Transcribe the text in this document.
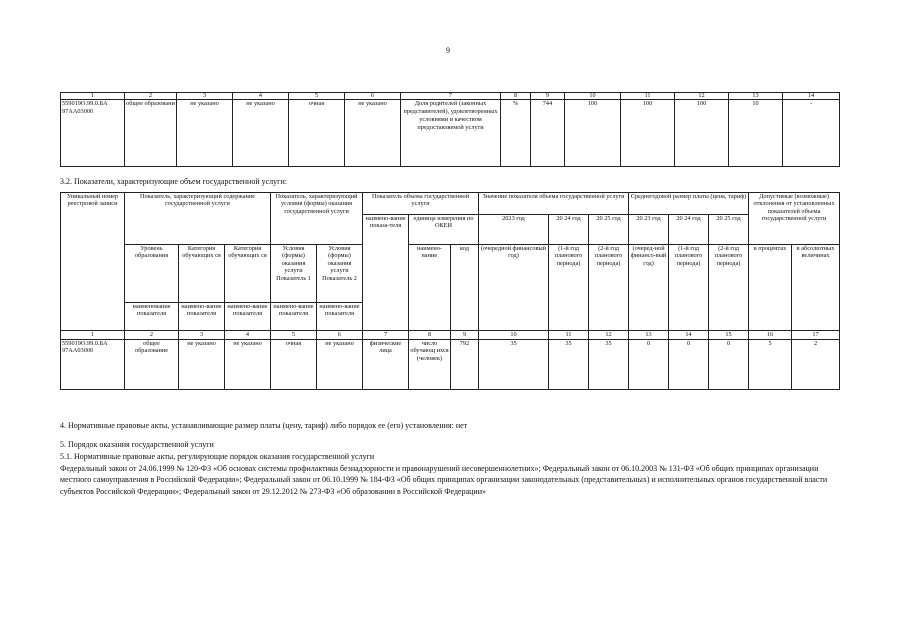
9
1	2	3	4	5	6	7	8	9	10	11	12	13	14
559019О.99.0.БА 97АА03000	общее образовани	не указано	не указано	очная	не указано	Доля родителей (законных представителей), удовлетворенных условиями и качеством предоставляемой услуги	%	744	100	100	100	10	-
3.2. Показатели, характеризующие объем государственной услуги:
Уникальный номер реестровой записи	Показатель, характеризующий содержание государственной услуги			Показатель, характеризующий условия (формы) оказания государственной услуги		Показатель объема государственной услуги			Значение показателя объема государственной услуги			Среднегодовой размер платы (цена, тариф)			Допустимые (возможные) отклонения от установленных показателей объема государственной услуги	
						наимено-вание показа-теля	единица измерения по ОКЕИ		2023 год	20 24 год	20 25 год	20 23 год	20 24 год	20 25 год		
	Уровень образования	Категория обучающих ся	Категория обучающих ся	Условия (формы) оказания услуги Показатель 1	Условия (формы) оказания услуги Показатель 2		наимено-вание	код	(очередной финансовый год)	(1-й год планового периода)	(2-й год планового периода)	(очеред-ной финансо-вый год)	(1-й год планового периода)	(2-й год планового периода)	в процентах	в абсолютных величинах
	наименование показателя	наимено-вание показателя	наимено-вание показателя	наимено-вание показателя	наимено-вание показателя											

1	2	3	4	5	6	7	8	9	10	11	12	13	14	15	16	17
559019О.99.0.БА 97АА03000	общее образование	не указано	не указано	очная	не указано	физические лица	число обучающ ихся (человек)	792	35	35	35	0	0	0	5	2
4. Нормативные правовые акты, устанавливающие размер платы (цену, тариф) либо порядок ее (его) установления: нет
5. Порядок оказания государственной услуги
5.1. Нормативные правовые акты, регулирующие порядок оказания государственной услуги
Федеральный закон от 24.06.1999 № 120-ФЗ «Об основах системы профилактики безнадзорности и правонарушений несовершеннолетних»; Федеральный закон от 06.10.2003 № 131-ФЗ «Об общих принципах организации местного самоуправления в Российской Федерации»; Федеральный закон от 06.10.1999 № 184-ФЗ «Об общих принципах организации законодательных (представительных) и исполнительных органов государственной власти субъектов Российской Федерации»; Федеральный закон от 29.12.2012 № 273-ФЗ «Об образовании в Российской Федерации»
